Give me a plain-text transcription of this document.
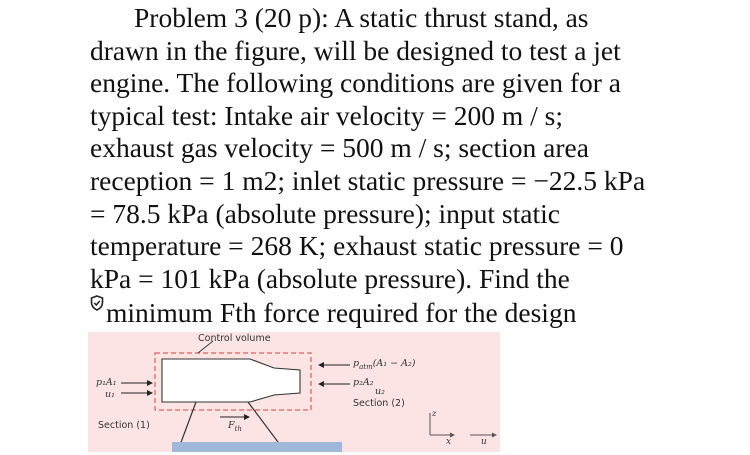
Problem 3 (20 p): A static thrust stand, as
drawn in the figure, will be designed to test a jet
engine. The following conditions are given for a
typical test: Intake air velocity = 200 m / s;
exhaust gas velocity = 500 m / s; section area
reception = 1 m2; inlet static pressure = −22.5 kPa
= 78.5 kPa (absolute pressure); input static
temperature = 268 K; exhaust static pressure = 0
kPa = 101 kPa (absolute pressure). Find the
minimum Fth force required for the design
Control volume
Section (1)
Section (2)
p₁A₁
u₁
$p_{atm}(A_1 - A_2)$
p₂A₂
u₂
$F_{th}$
z
x	u
